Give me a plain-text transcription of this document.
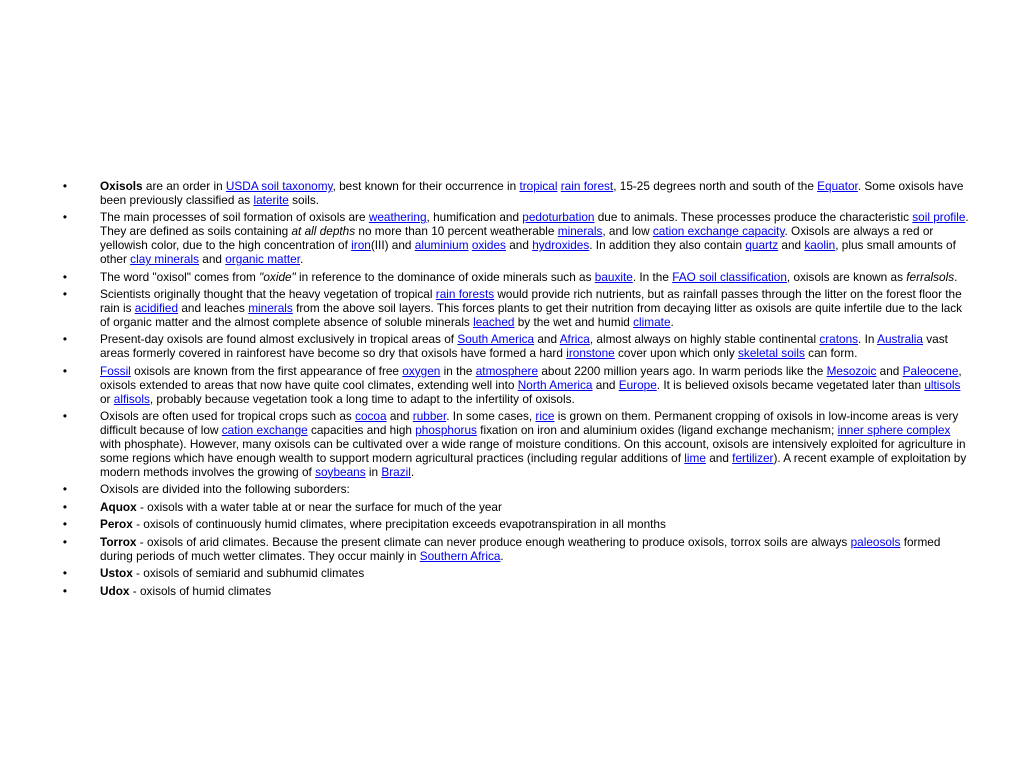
•	Oxisols are an order in USDA soil taxonomy, best known for their occurrence in tropical rain forest, 15-25 degrees north and south of the Equator. Some oxisols have been previously classified as laterite soils.
•	The main processes of soil formation of oxisols are weathering, humification and pedoturbation due to animals. These processes produce the characteristic soil profile. They are defined as soils containing at all depths no more than 10 percent weatherable minerals, and low cation exchange capacity. Oxisols are always a red or yellowish color, due to the high concentration of iron(III) and aluminium oxides and hydroxides. In addition they also contain quartz and kaolin, plus small amounts of other clay minerals and organic matter.
•	The word "oxisol" comes from "oxide" in reference to the dominance of oxide minerals such as bauxite. In the FAO soil classification, oxisols are known as ferralsols.
•	Scientists originally thought that the heavy vegetation of tropical rain forests would provide rich nutrients, but as rainfall passes through the litter on the forest floor the rain is acidified and leaches minerals from the above soil layers. This forces plants to get their nutrition from decaying litter as oxisols are quite infertile due to the lack of organic matter and the almost complete absence of soluble minerals leached by the wet and humid climate.
•	Present-day oxisols are found almost exclusively in tropical areas of South America and Africa, almost always on highly stable continental cratons. In Australia vast areas formerly covered in rainforest have become so dry that oxisols have formed a hard ironstone cover upon which only skeletal soils can form.
•	Fossil oxisols are known from the first appearance of free oxygen in the atmosphere about 2200 million years ago. In warm periods like the Mesozoic and Paleocene, oxisols extended to areas that now have quite cool climates, extending well into North America and Europe. It is believed oxisols became vegetated later than ultisols or alfisols, probably because vegetation took a long time to adapt to the infertility of oxisols.
•	Oxisols are often used for tropical crops such as cocoa and rubber. In some cases, rice is grown on them. Permanent cropping of oxisols in low-income areas is very difficult because of low cation exchange capacities and high phosphorus fixation on iron and aluminium oxides (ligand exchange mechanism; inner sphere complex with phosphate). However, many oxisols can be cultivated over a wide range of moisture conditions. On this account, oxisols are intensively exploited for agriculture in some regions which have enough wealth to support modern agricultural practices (including regular additions of lime and fertilizer). A recent example of exploitation by modern methods involves the growing of soybeans in Brazil.
•	Oxisols are divided into the following suborders:
•	Aquox - oxisols with a water table at or near the surface for much of the year
•	Perox - oxisols of continuously humid climates, where precipitation exceeds evapotranspiration in all months
•	Torrox - oxisols of arid climates. Because the present climate can never produce enough weathering to produce oxisols, torrox soils are always paleosols formed during periods of much wetter climates. They occur mainly in Southern Africa.
•	Ustox - oxisols of semiarid and subhumid climates
•	Udox - oxisols of humid climates
